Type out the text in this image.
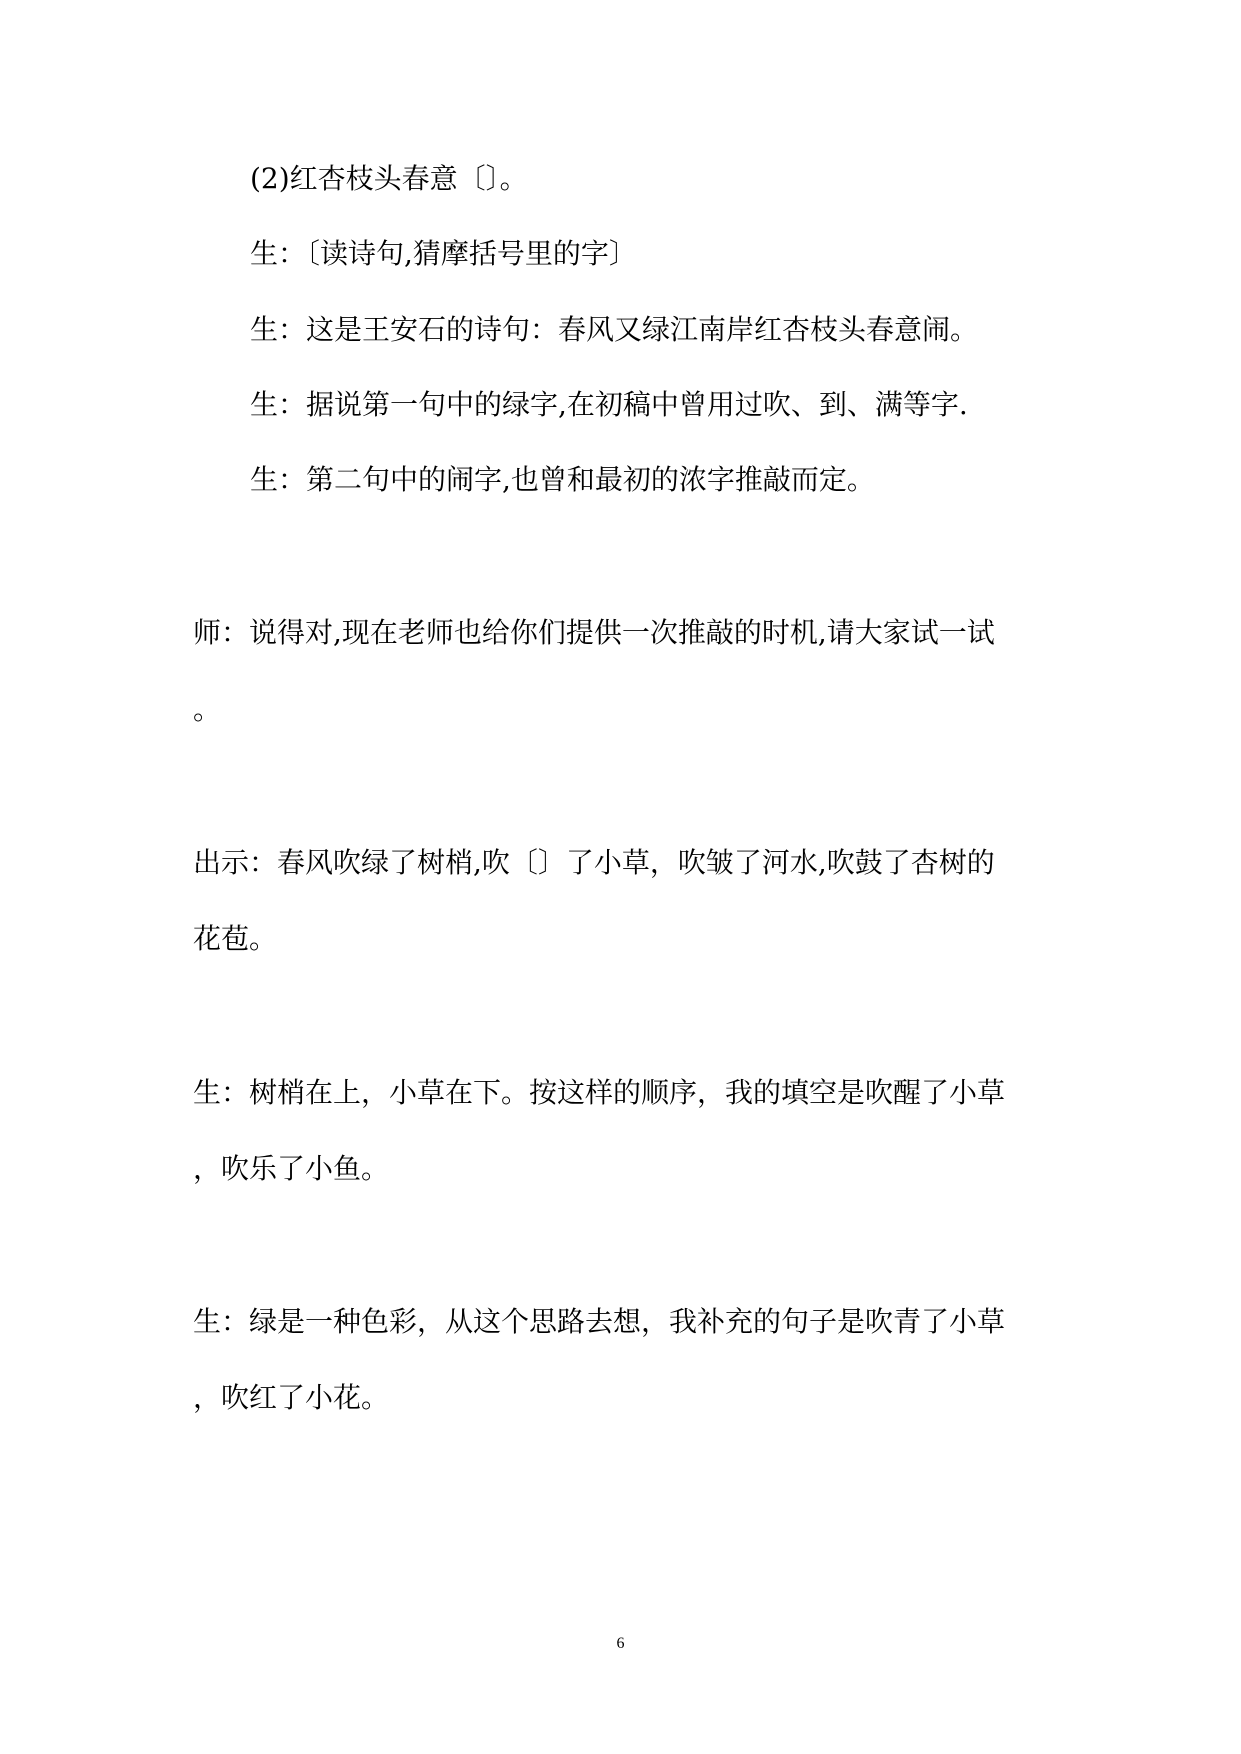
(2)红杏枝头春意〔〕。
生：〔读诗句,猜摩括号里的字〕
生：这是王安石的诗句：春风又绿江南岸红杏枝头春意闹。
生：据说第一句中的绿字,在初稿中曾用过吹、到、满等字.
生：第二句中的闹字,也曾和最初的浓字推敲而定。
师：说得对,现在老师也给你们提供一次推敲的时机,请大家试一试
。
出示：春风吹绿了树梢,吹〔〕了小草，吹皱了河水,吹鼓了杏树的
花苞。
生：树梢在上，小草在下。按这样的顺序，我的填空是吹醒了小草
，吹乐了小鱼。
生：绿是一种色彩，从这个思路去想，我补充的句子是吹青了小草
，吹红了小花。
6
